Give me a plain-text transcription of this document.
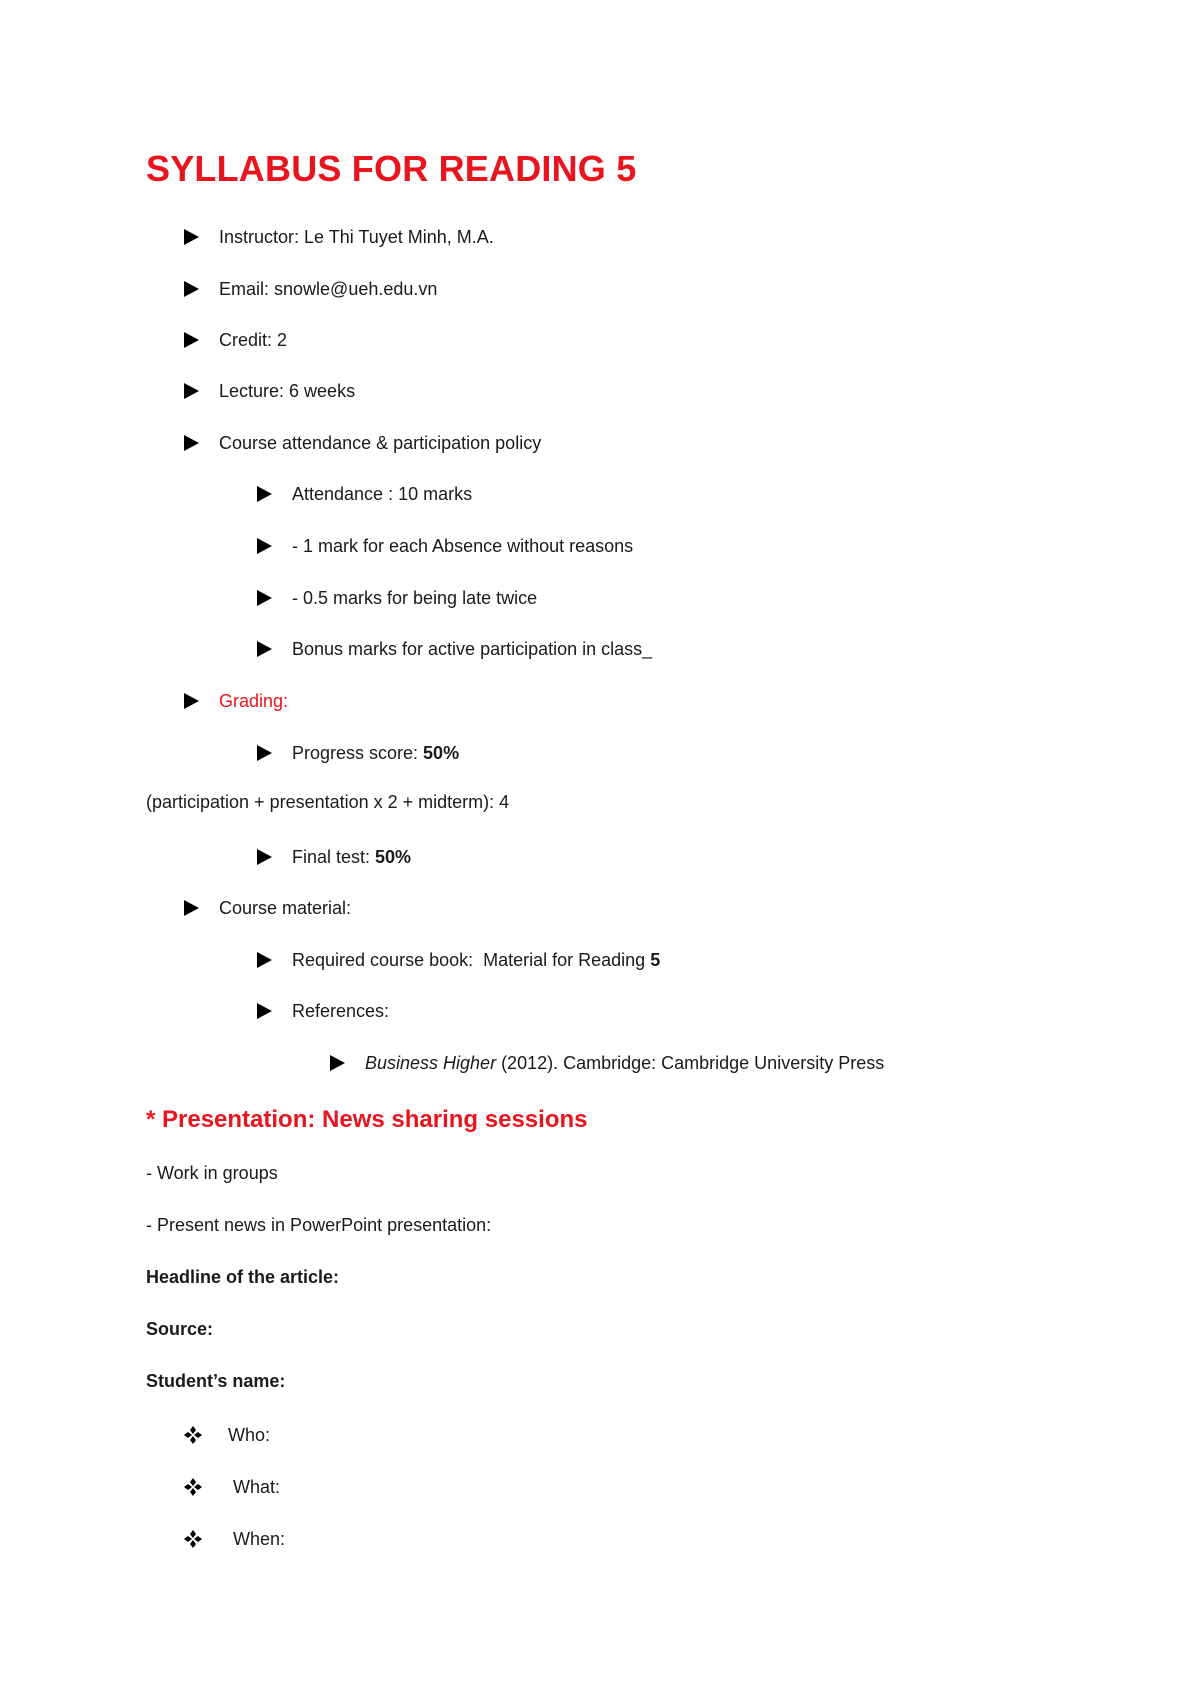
SYLLABUS FOR READING 5
Instructor: Le Thi Tuyet Minh, M.A.
Email: snowle@ueh.edu.vn
Credit: 2
Lecture: 6 weeks
Course attendance & participation policy
Attendance : 10 marks
- 1 mark for each Absence without reasons
- 0.5 marks for being late twice
Bonus marks for active participation in class_
Grading:
Progress score: 50%
(participation + presentation x 2 + midterm): 4
Final test: 50%
Course material:
Required course book:  Material for Reading 5
References:
Business Higher (2012). Cambridge: Cambridge University Press
* Presentation: News sharing sessions
- Work in groups
- Present news in PowerPoint presentation:
Headline of the article:
Source:
Student’s name:
Who:
What:
When:
